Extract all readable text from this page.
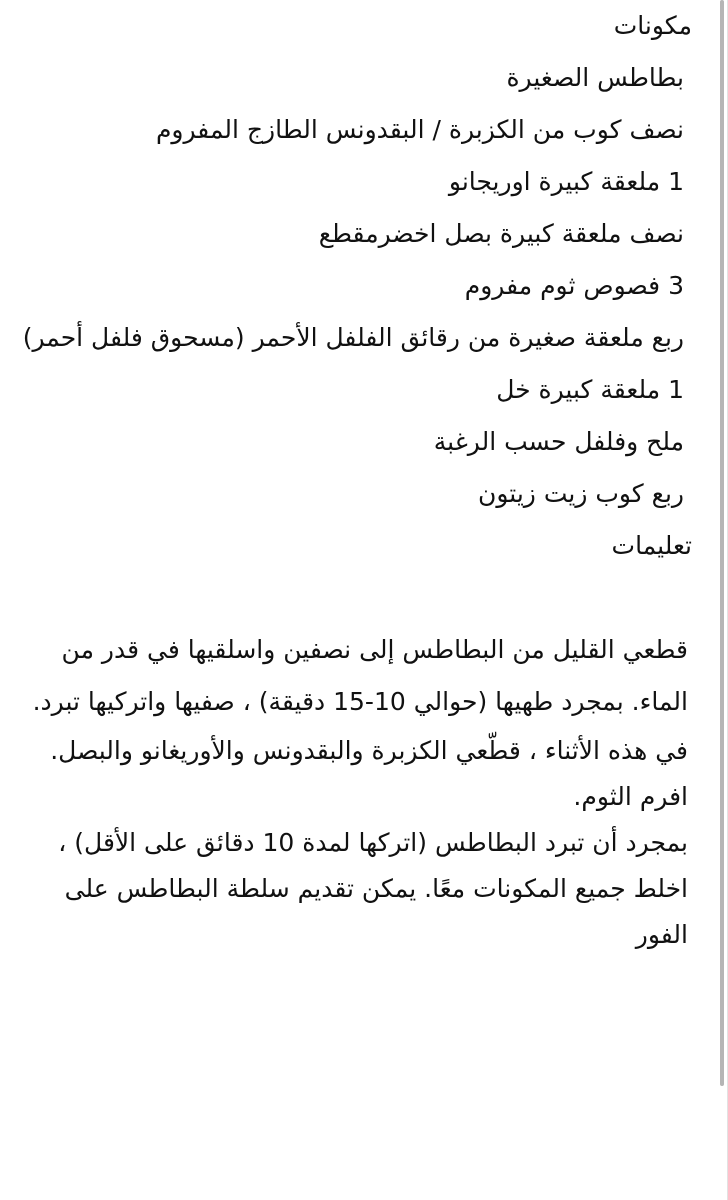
مكونات
بطاطس الصغيرة
نصف كوب من الكزبرة / البقدونس الطازج المفروم
1 ملعقة كبيرة اوريجانو
نصف ملعقة كبيرة بصل اخضرمقطع
3 فصوص ثوم مفروم
ربع ملعقة صغيرة من رقائق الفلفل الأحمر (مسحوق فلفل أحمر)
1 ملعقة كبيرة خل
ملح وفلفل حسب الرغبة
ربع كوب زيت زيتون
تعليمات
قطعي القليل من البطاطس إلى نصفين واسلقيها في قدر من الماء. بمجرد طهيها (حوالي 10-15 دقيقة) ، صفيها واتركيها تبرد.
في هذه الأثناء ، قطّعي الكزبرة والبقدونس والأوريغانو والبصل. افرم الثوم.
بمجرد أن تبرد البطاطس (اتركها لمدة 10 دقائق على الأقل) ، اخلط جميع المكونات معًا. يمكن تقديم سلطة البطاطس على الفور
